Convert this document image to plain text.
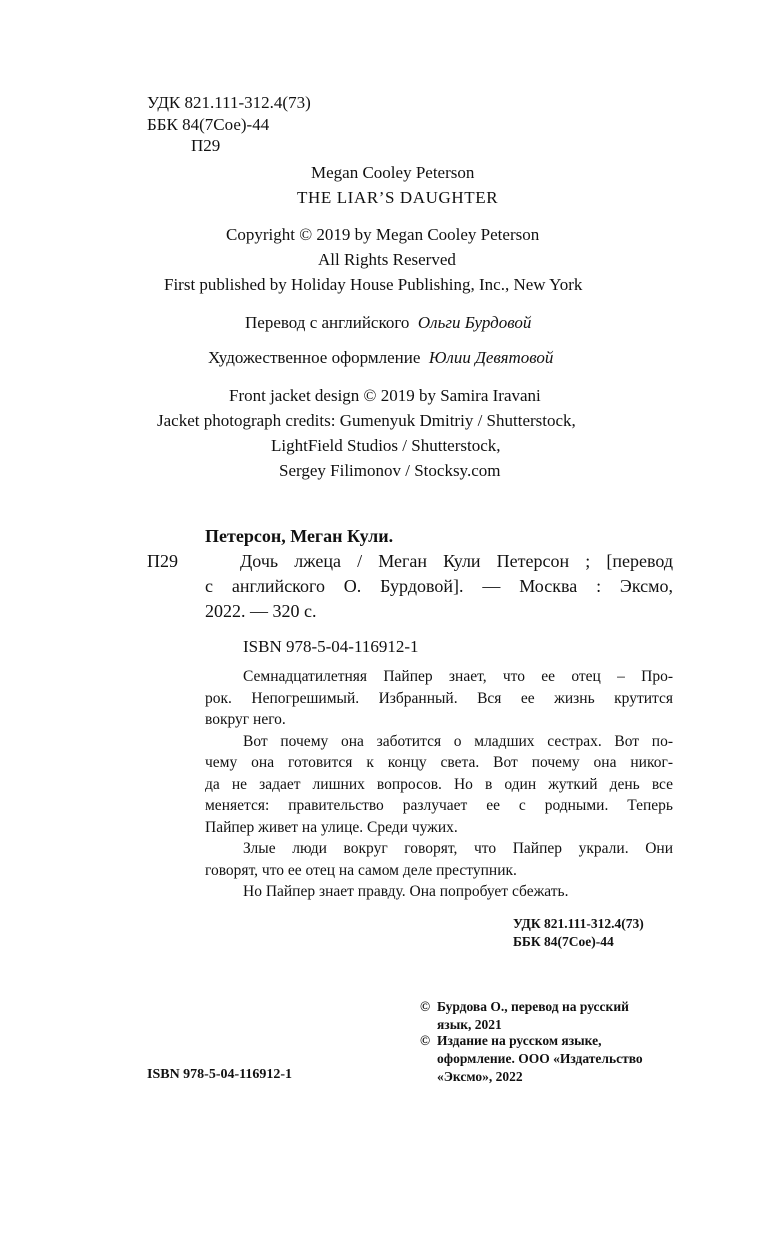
УДК 821.111-312.4(73)
ББК 84(7Сое)-44
П29
Megan Cooley Peterson
THE LIAR’S DAUGHTER
Copyright © 2019 by Megan Cooley Peterson
All Rights Reserved
First published by Holiday House Publishing, Inc., New York
Перевод с английского Ольги Бурдовой
Художественное оформление Юлии Девятовой
Front jacket design © 2019 by Samira Iravani
Jacket photograph credits: Gumenyuk Dmitriy / Shutterstock,
LightField Studios / Shutterstock,
Sergey Filimonov / Stocksy.com
Петерсон, Меган Кули.
П29	Дочь лжеца / Меган Кули Петерсон ; [перевод
с английского О. Бурдовой]. — Москва : Эксмо,
2022. — 320 с.
ISBN 978-5-04-116912-1
Семнадцатилетняя Пайпер знает, что ее отец – Про-
рок. Непогрешимый. Избранный. Вся ее жизнь крутится
вокруг него.
Вот почему она заботится о младших сестрах. Вот по-
чему она готовится к концу света. Вот почему она никог-
да не задает лишних вопросов. Но в один жуткий день все
меняется: правительство разлучает ее с родными. Теперь
Пайпер живет на улице. Среди чужих.
Злые люди вокруг говорят, что Пайпер украли. Они
говорят, что ее отец на самом деле преступник.
Но Пайпер знает правду. Она попробует сбежать.
УДК 821.111-312.4(73)
ББК 84(7Сое)-44
© Бурдова О., перевод на русский
язык, 2021
© Издание на русском языке,
оформление. ООО «Издательство
«Эксмо», 2022
ISBN 978-5-04-116912-1
